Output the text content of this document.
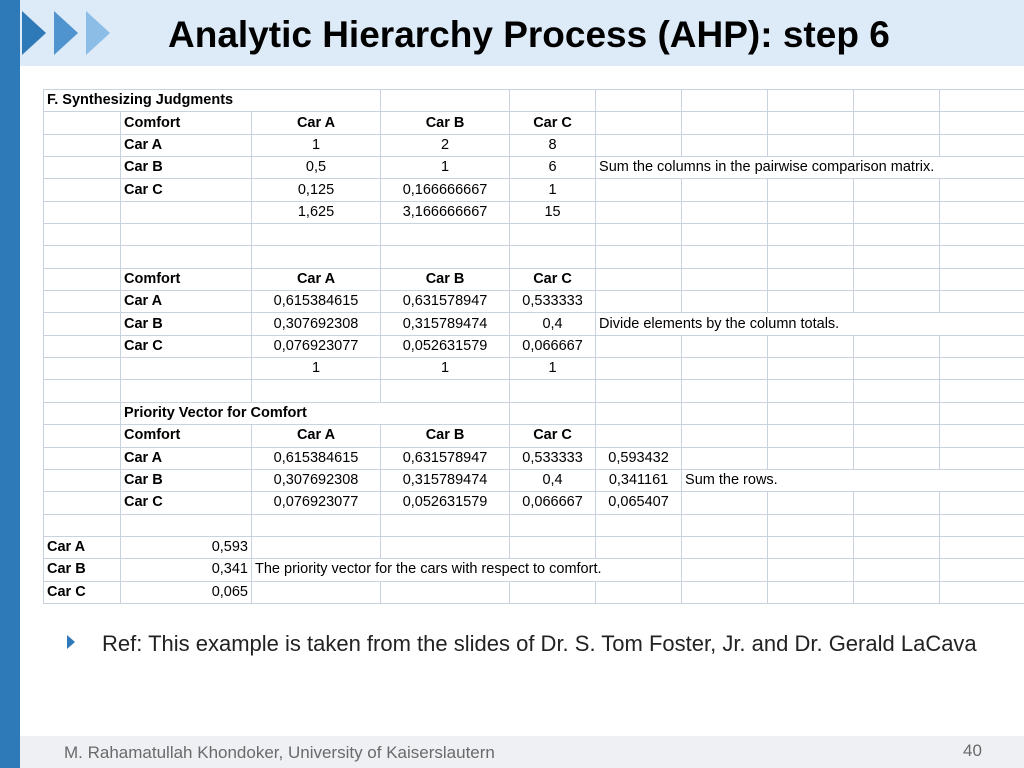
Analytic Hierarchy Process (AHP): step 6
F. Synthesizing Judgments									
	Comfort	Car A	Car B	Car C					
	Car A	1	2	8					
	Car B	0,5	1	6	Sum the columns in the pairwise comparison matrix.				
	Car C	0,125	0,166666667	1					
		1,625	3,166666667	15					

	Comfort	Car A	Car B	Car C					
	Car A	0,615384615	0,631578947	0,533333					
	Car B	0,307692308	0,315789474	0,4	Divide elements by the column totals.				
	Car C	0,076923077	0,052631579	0,066667					
		1	1	1					

	Priority Vector for Comfort								
	Comfort	Car A	Car B	Car C					
	Car A	0,615384615	0,631578947	0,533333	0,593432				
	Car B	0,307692308	0,315789474	0,4	0,341161	Sum the rows.			
	Car C	0,076923077	0,052631579	0,066667	0,065407				

Car A	0,593								
Car B	0,341	The priority vector for the cars with respect to comfort.							
Car C	0,065								
Ref: This example is taken from the slides of Dr. S. Tom Foster, Jr. and Dr. Gerald LaCava
M. Rahamatullah Khondoker, University of Kaiserslautern	40
